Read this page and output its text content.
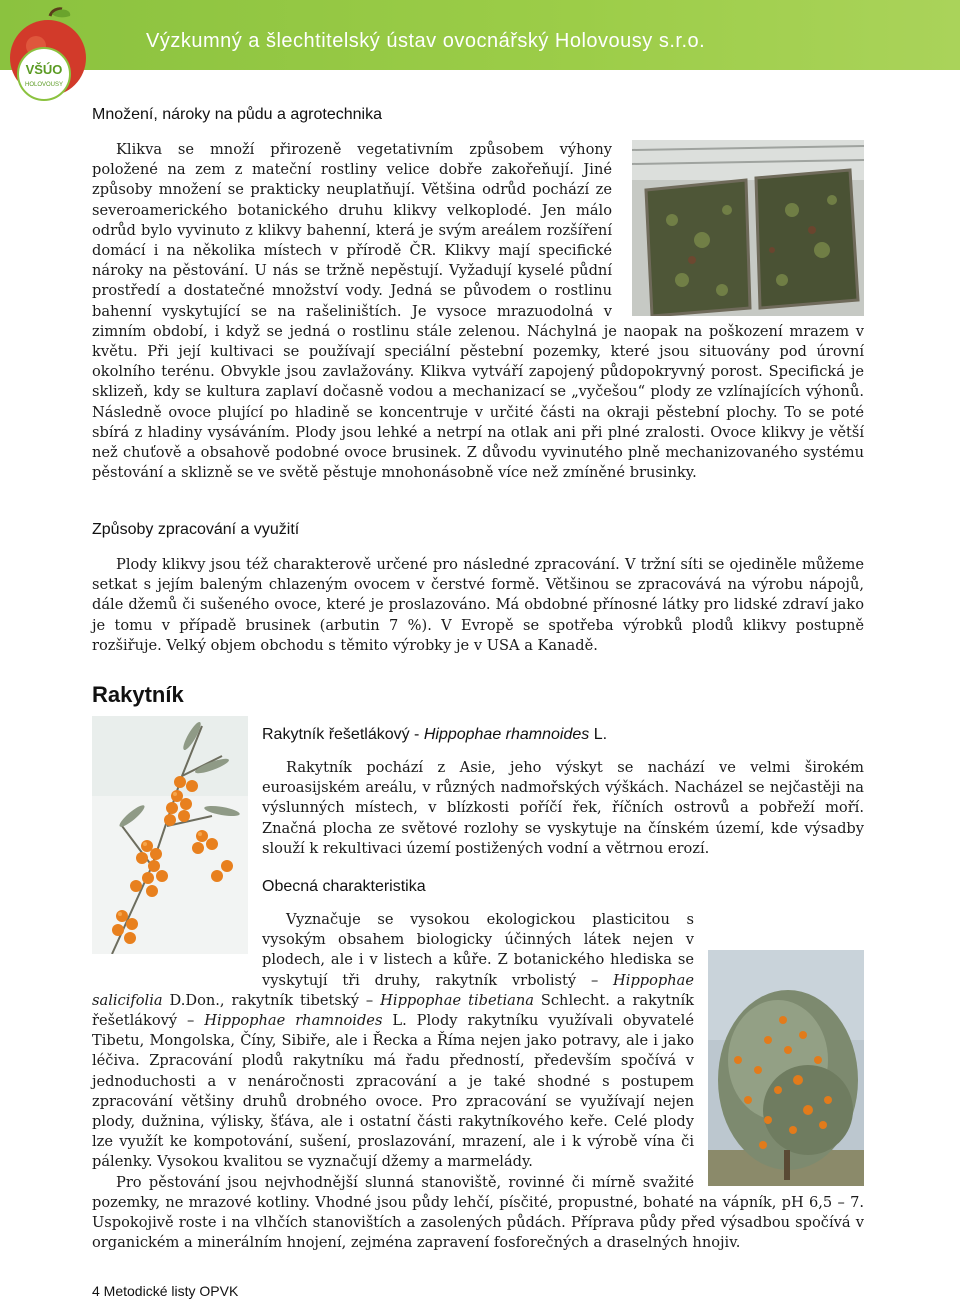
Výzkumný a šlechtitelský ústav ovocnářský Holovousy s.r.o.
VŠÚO
HOLOVOUSY
Množení, nároky na půdu a agrotechnika

Klikva se množí přirozeně vegetativním způsobem výhony položené na zem z mateční rostliny velice dobře zakořeňují. Jiné způsoby množení se prakticky neuplatňují. Většina odrůd pochází ze severoamerického botanického druhu klikvy velkoplodé. Jen málo odrůd bylo vyvinuto z klikvy bahenní, která je svým areálem rozšíření domácí i na několika místech v přírodě ČR. Klikvy mají specifické nároky na pěstování. U nás se tržně nepěstují. Vyžadují kyselé půdní prostředí a dostatečné množství vody. Jedná se původem o rostlinu bahenní vyskytující se na rašeliništích. Je vysoce mrazuodolná v zimním období, i když se jedná o rostlinu stále zelenou. Náchylná je naopak na poškození mrazem v květu. Při její kultivaci se používají speciální pěstební pozemky, které jsou situovány pod úrovní okolního terénu. Obvykle jsou zavlažovány. Klikva vytváří zapojený půdopokryvný porost. Specifická je sklizeň, kdy se kultura zaplaví dočasně vodou a mechanizací se „vyčešou“ plody ze vzlínajících výhonů. Následně ovoce plující po hladině se koncentruje v určité části na okraji pěstební plochy. To se poté sbírá z hladiny vysáváním. Plody jsou lehké a netrpí na otlak ani při plné zralosti. Ovoce klikvy je větší než chuťově a obsahově podobné ovoce brusinek. Z důvodu vyvinutého plně mechanizovaného systému pěstování a sklizně se ve světě pěstuje mnohonásobně více než zmíněné brusinky.

Způsoby zpracování a využití

Plody klikvy jsou též charakterově určené pro následné zpracování. V tržní síti se ojediněle můžeme setkat s jejím baleným chlazeným ovocem v čerstvé formě. Většinou se zpracovává na výrobu nápojů, dále džemů či sušeného ovoce, které je proslazováno. Má obdobné přínosné látky pro lidské zdraví jako je tomu v případě brusinek (arbutin 7 %). V Evropě se spotřeba výrobků plodů klikvy postupně rozšiřuje. Velký objem obchodu s těmito výrobky je v USA a Kanadě.

Rakytník
Rakytník řešetlákový - Hippophae rhamnoides L.

Rakytník pochází z Asie, jeho výskyt se nachází ve velmi širokém euroasijském areálu, v různých nadmořských výškách. Nacházel se nejčastěji na výslunných místech, v blízkosti poříčí řek, říčních ostrovů a pobřeží moří. Značná plocha ze světové rozlohy se vyskytuje na čínském území, kde výsadby slouží k rekultivaci území postižených vodní a větrnou erozí.

Obecná charakteristika

Vyznačuje se vysokou ekologickou plasticitou s vysokým obsahem biologicky účinných látek nejen v plodech, ale i v listech a kůře. Z botanického hlediska se vyskytují tři druhy, rakytník vrbolistý – Hippophae salicifolia D.Don., rakytník tibetský – Hippophae tibetiana Schlecht. a rakytník řešetlákový – Hippophae rhamnoides L. Plody rakytníku využívali obyvatelé Tibetu, Mongolska, Číny, Sibiře, ale i Řecka a Říma nejen jako potravy, ale i jako léčiva. Zpracování plodů rakytníku má řadu předností, především spočívá v jednoduchosti a v nenáročnosti zpracování a je také shodné s postupem zpracování většiny druhů drobného ovoce. Pro zpracování se využívají nejen plody, dužnina, výlisky, šťáva, ale i ostatní části rakytníkového keře. Celé plody lze využít ke kompotování, sušení, proslazování, mrazení, ale i k výrobě vína či pálenky. Vysokou kvalitou se vyznačují džemy a marmelády.

Pro pěstování jsou nejvhodnější slunná stanoviště, rovinné či mírně svažité pozemky, ne mrazové kotliny. Vhodné jsou půdy lehčí, písčité, propustné, bohaté na vápník, pH 6,5 – 7. Uspokojivě roste i na vlhčích stanovištích a zasolených půdách. Příprava půdy před výsadbou spočívá v organickém a minerálním hnojení, zejména zapravení fosforečných a draselných hnojiv.

4 Metodické listy OPVK
